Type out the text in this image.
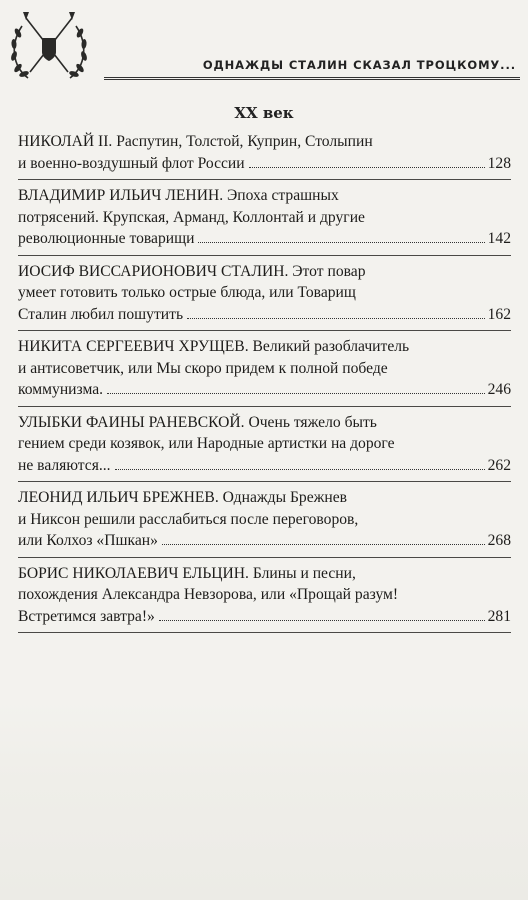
ОДНАЖДЫ СТАЛИН СКАЗАЛ ТРОЦКОМУ...
XX век
НИКОЛАЙ II. Распутин, Толстой, Куприн, Столыпин
и военно-воздушный флот России	128
ВЛАДИМИР ИЛЬИЧ ЛЕНИН. Эпоха страшных
потрясений. Крупская, Арманд, Коллонтай и другие
революционные товарищи	142
ИОСИФ ВИССАРИОНОВИЧ СТАЛИН. Этот повар
умеет готовить только острые блюда, или Товарищ
Сталин любил пошутить	162
НИКИТА СЕРГЕЕВИЧ ХРУЩЕВ. Великий разоблачитель
и антисоветчик, или Мы скоро придем к полной победе
коммунизма.	246
УЛЫБКИ ФАИНЫ РАНЕВСКОЙ. Очень тяжело быть
гением среди козявок, или Народные артистки на дороге
не валяются...	262
ЛЕОНИД ИЛЬИЧ БРЕЖНЕВ. Однажды Брежнев
и Никсон решили расслабиться после переговоров,
или Колхоз «Пшкан»	268
БОРИС НИКОЛАЕВИЧ ЕЛЬЦИН. Блины и песни,
похождения Александра Невзорова, или «Прощай разум!
Встретимся завтра!»	281
